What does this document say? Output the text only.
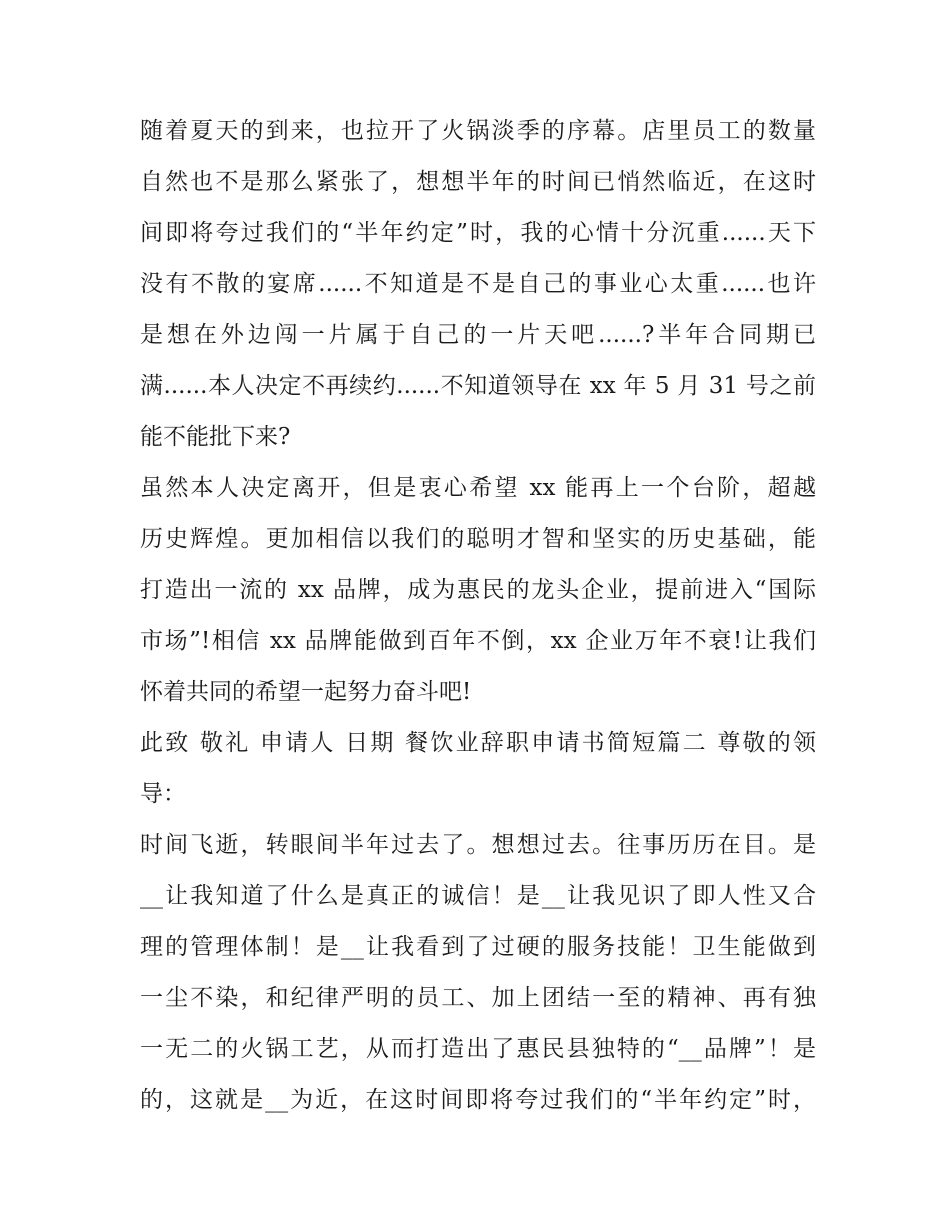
随着夏天的到来，也拉开了火锅淡季的序幕。店里员工的数量
自然也不是那么紧张了，想想半年的时间已悄然临近，在这时
间即将夸过我们的“半年约定”时，我的心情十分沉重......天下
没有不散的宴席......不知道是不是自己的事业心太重......也许
是想在外边闯一片属于自己的一片天吧......?半年合同期已
满......本人决定不再续约......不知道领导在 xx 年 5 月 31 号之前
能不能批下来?
虽然本人决定离开，但是衷心希望 xx 能再上一个台阶，超越
历史辉煌。更加相信以我们的聪明才智和坚实的历史基础，能
打造出一流的 xx 品牌，成为惠民的龙头企业，提前进入“国际
市场”!相信 xx 品牌能做到百年不倒，xx 企业万年不衰!让我们
怀着共同的希望一起努力奋斗吧!
此致 敬礼 申请人 日期 餐饮业辞职申请书简短篇二 尊敬的领
导：
时间飞逝，转眼间半年过去了。想想过去。往事历历在目。是
__让我知道了什么是真正的诚信！是__让我见识了即人性又合
理的管理体制！是__让我看到了过硬的服务技能！卫生能做到
一尘不染，和纪律严明的员工、加上团结一至的精神、再有独
一无二的火锅工艺，从而打造出了惠民县独特的“__品牌”！是
的，这就是__为近，在这时间即将夸过我们的“半年约定”时，
